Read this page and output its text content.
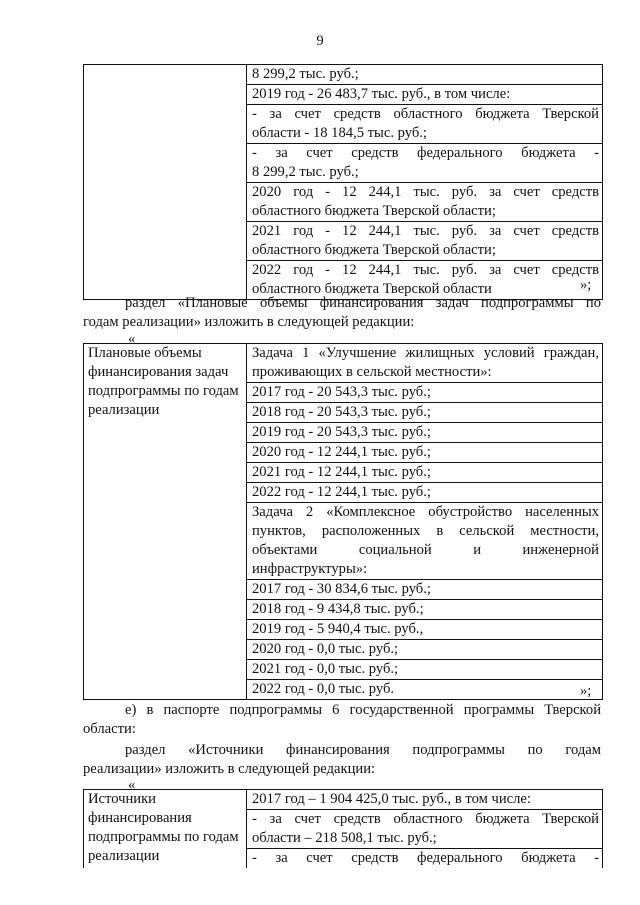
9
8 299,2 тыс. руб.;
2019 год - 26 483,7 тыс. руб., в том числе:
- за счет средств областного бюджета Тверской
области - 18 184,5 тыс. руб.;
- за счет средств федерального бюджета -
8 299,2 тыс. руб.;
2020 год - 12 244,1 тыс. руб. за счет средств
областного бюджета Тверской области;
2021 год - 12 244,1 тыс. руб. за счет средств
областного бюджета Тверской области;
2022 год - 12 244,1 тыс. руб. за счет средств
областного бюджета Тверской области	»;
раздел «Плановые объемы финансирования задач подпрограммы по
годам реализации» изложить в следующей редакции:
«
Плановые объемы финансирования задач подпрограммы по годам реализации
Задача 1 «Улучшение жилищных условий граждан,
проживающих в сельской местности»:
2017 год - 20 543,3 тыс. руб.;
2018 год - 20 543,3 тыс. руб.;
2019 год - 20 543,3 тыс. руб.;
2020 год - 12 244,1 тыс. руб.;
2021 год - 12 244,1 тыс. руб.;
2022 год - 12 244,1 тыс. руб.;
Задача 2 «Комплексное обустройство населенных
пунктов, расположенных в сельской местности,
объектами социальной и инженерной
инфраструктуры»:
2017 год - 30 834,6 тыс. руб.;
2018 год - 9 434,8 тыс. руб.;
2019 год - 5 940,4 тыс. руб.,
2020 год - 0,0 тыс. руб.;
2021 год - 0,0 тыс. руб.;
2022 год - 0,0 тыс. руб.	»;
е) в паспорте подпрограммы 6 государственной программы Тверской
области:
раздел «Источники финансирования подпрограммы по годам
реализации» изложить в следующей редакции:
«
Источники финансирования подпрограммы по годам реализации
2017 год – 1 904 425,0 тыс. руб., в том числе:
- за счет средств областного бюджета Тверской
области – 218 508,1 тыс. руб.;
- за счет средств федерального бюджета -
